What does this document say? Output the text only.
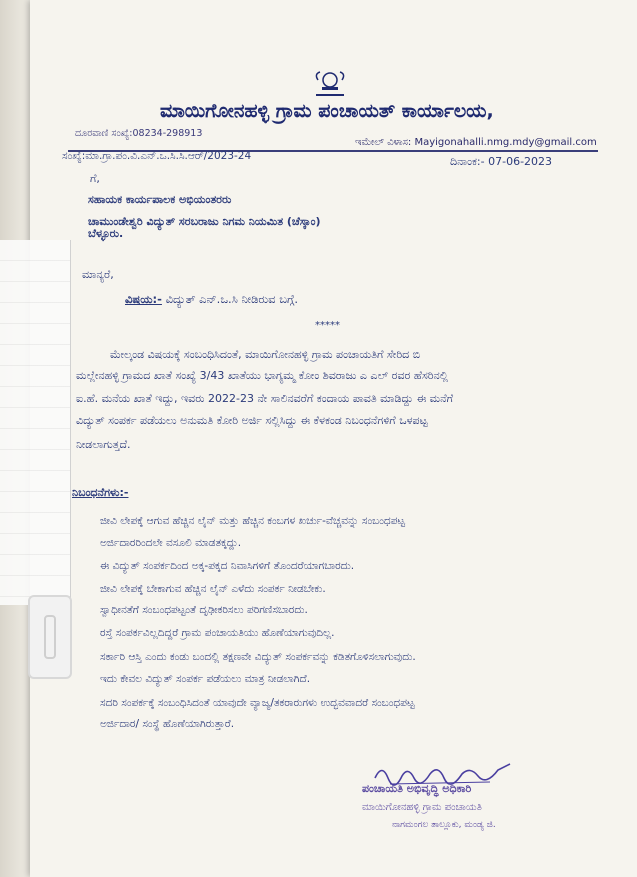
ಮಾಯಿಗೋನಹಳ್ಳಿ ಗ್ರಾಮ ಪಂಚಾಯತ್ ಕಾರ್ಯಾಲಯ,
ದೂರವಾಣಿ ಸಂಖ್ಯೆ:08234-298913
ಇಮೇಲ್ ವಿಳಾಸ: Mayigonahalli.nmg.mdy@gmail.com
ಸಂಖ್ಯೆ:ಮಾ.ಗ್ರಾ.ಪಂ.ವಿ.ಎನ್.ಒ.ಸಿ.ಸಿ.ಆರ್/2023-24	ದಿನಾಂಕ:- 07-06-2023
ಗೆ,
ಸಹಾಯಕ ಕಾರ್ಯಪಾಲಕ ಅಭಿಯಂತರರು
ಚಾಮುಂಡೇಶ್ವರಿ ವಿದ್ಯುತ್ ಸರಬರಾಜು ನಿಗಮ ನಿಯಮಿತ (ಚೆಸ್ಕಾಂ)
ಬೆಳ್ಳೂರು.
ಮಾನ್ಯರೆ,
ವಿಷಯ:- ವಿದ್ಯುತ್ ಎನ್.ಒ.ಸಿ ನೀಡಿರುವ ಬಗ್ಗೆ.
*****
ಮೇಲ್ಕಂಡ ವಿಷಯಕ್ಕೆ ಸಂಬಂಧಿಸಿದಂತೆ, ಮಾಯಿಗೋನಹಳ್ಳಿ ಗ್ರಾಮ ಪಂಚಾಯತಿಗೆ ಸೇರಿದ ಬಿ
ಮಲ್ಲೇನಹಳ್ಳಿ ಗ್ರಾಮದ ಖಾತೆ ಸಂಖ್ಯೆ 3/43 ಖಾತೆಯು ಭಾಗ್ಯಮ್ಮ ಕೋಂ ಶಿವರಾಜು ಎ ಎಲ್ ರವರ ಹೆಸರಿನಲ್ಲಿ
ಐ.ಹೆ. ಮನೆಯ ಖಾತೆ ಇದ್ದು, ಇವರು 2022-23 ನೇ ಸಾಲಿನವರೆಗೆ ಕಂದಾಯ ಪಾವತಿ ಮಾಡಿದ್ದು ಈ ಮನೆಗೆ
ವಿದ್ಯುತ್ ಸಂಪರ್ಕ ಪಡೆಯಲು ಅನುಮತಿ ಕೋರಿ ಅರ್ಜಿ ಸಲ್ಲಿಸಿದ್ದು ಈ ಕೆಳಕಂಡ ನಿಬಂಧನೆಗಳಿಗೆ ಒಳಪಟ್ಟ
ನೀಡಲಾಗುತ್ತದೆ.
ನಿಬಂಧನೆಗಳು:-
ಜೀವಿ ಲೇಪಕ್ಕೆ ಆಗುವ ಹೆಚ್ಚಿನ ಲೈನ್ ಮತ್ತು ಹೆಚ್ಚಿನ ಕಂಬಗಳ ಖರ್ಚು-ವೆಚ್ಚವನ್ನು ಸಂಬಂಧಪಟ್ಟ
ಅರ್ಜಿದಾರರಿಂದಲೇ ವಸೂಲಿ ಮಾಡತಕ್ಕದ್ದು.
ಈ ವಿದ್ಯುತ್ ಸಂಪರ್ಕದಿಂದ ಅಕ್ಕ-ಪಕ್ಕದ ನಿವಾಸಿಗಳಿಗೆ ತೊಂದರೆಯಾಗಬಾರದು.
ಜೀವಿ ಲೇಪಕ್ಕೆ ಬೇಕಾಗುವ ಹೆಚ್ಚಿನ ಲೈನ್ ಎಳೆದು ಸಂಪರ್ಕ ನೀಡಬೇಕು.
ಸ್ವಾಧೀನತೆಗೆ ಸಂಬಂಧಪಟ್ಟಂತೆ ದೃಢೀಕರಿಸಲು ಪರಿಗಣಿಸಬಾರದು.
ರಸ್ತೆ ಸಂಪರ್ಕವಿಲ್ಲದಿದ್ದರೆ ಗ್ರಾಮ ಪಂಚಾಯತಿಯು ಹೊಣೆಯಾಗುವುದಿಲ್ಲ.
ಸರ್ಕಾರಿ ಆಸ್ತಿ ಎಂದು ಕಂಡು ಬಂದಲ್ಲಿ ತಕ್ಷಣವೇ ವಿದ್ಯುತ್ ಸಂಪರ್ಕವನ್ನು ಕಡಿತಗೊಳಿಸಲಾಗುವುದು.
ಇದು ಕೇವಲ ವಿದ್ಯುತ್ ಸಂಪರ್ಕ ಪಡೆಯಲು ಮಾತ್ರ ನೀಡಲಾಗಿದೆ.
ಸದರಿ ಸಂಪರ್ಕಕ್ಕೆ ಸಂಬಂಧಿಸಿದಂತೆ ಯಾವುದೇ ವ್ಯಾಜ್ಯ/ತಕರಾರುಗಳು ಉದ್ಭವವಾದರೆ ಸಂಬಂಧಪಟ್ಟ
ಅರ್ಜಿದಾರ/ ಸಂಸ್ಥೆ ಹೊಣೆಯಾಗಿರುತ್ತಾರೆ.
ಪಂಚಾಯತಿ ಅಭಿವೃದ್ಧಿ ಅಧಿಕಾರಿ
ಮಾಯಿಗೋನಹಳ್ಳಿ ಗ್ರಾಮ ಪಂಚಾಯತಿ
ನಾಗಮಂಗಲ ತಾಲ್ಲೂಕು, ಮಂಡ್ಯ ಜಿ.
